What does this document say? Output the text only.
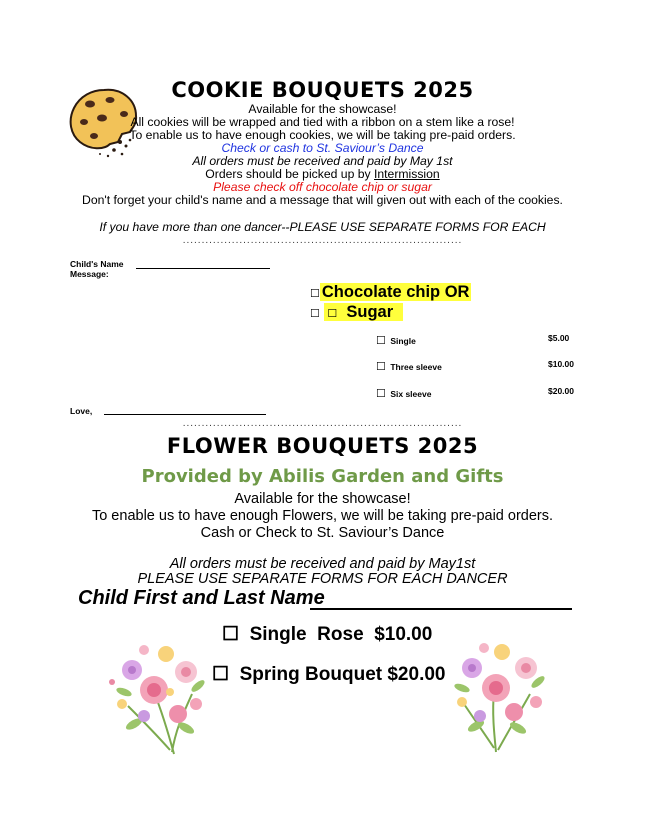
COOKIE BOUQUETS 2025
Available for the showcase!
All cookies will be wrapped and tied with a ribbon on a stem like a rose!
To enable us to have enough cookies, we will be taking pre-paid orders.
Check or cash to St. Saviour’s Dance
All orders must be received and paid by May 1st
Orders should be picked up by Intermission
Please check off chocolate chip or sugar
Don't forget your child's name and a message that will given out with each of the cookies.
If you have more than one dancer--PLEASE USE SEPARATE FORMS FOR EACH
..........................................................................
Child's Name
Message:
☐ Chocolate chip OR
☐ ☐ Sugar
☐ Single	$5.00
☐ Three sleeve	$10.00
☐ Six sleeve	$20.00
Love,
..........................................................................
FLOWER BOUQUETS 2025
Provided by Abilis Garden and Gifts
Available for the showcase!
To enable us to have enough Flowers, we will be taking pre-paid orders.
Cash or Check to St. Saviour’s Dance
All orders must be received and paid by May1st
PLEASE USE SEPARATE FORMS FOR EACH DANCER
Child First and Last Name
☐ Single  Rose  $10.00
☐ Spring Bouquet $20.00
